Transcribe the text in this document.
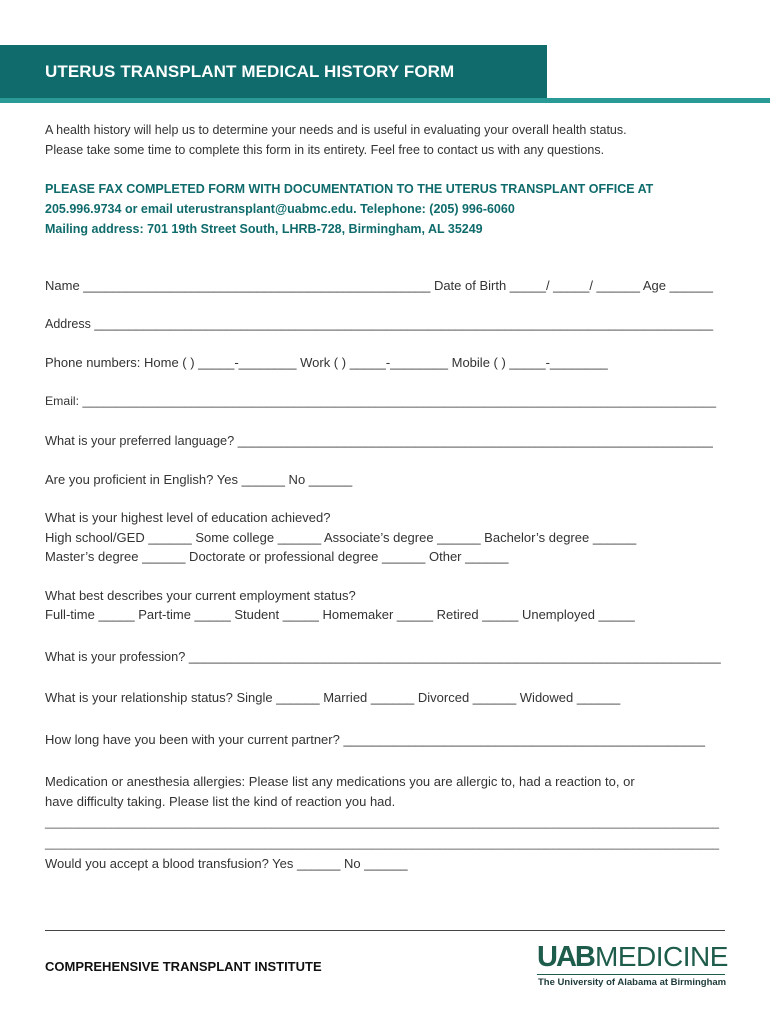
UTERUS TRANSPLANT MEDICAL HISTORY FORM
A health history will help us to determine your needs and is useful in evaluating your overall health status.
Please take some time to complete this form in its entirety. Feel free to contact us with any questions.
PLEASE FAX COMPLETED FORM WITH DOCUMENTATION TO THE UTERUS TRANSPLANT OFFICE AT
205.996.9734 or email uterustransplant@uabmc.edu. Telephone: (205) 996-6060
Mailing address: 701 19th Street South, LHRB-728, Birmingham, AL 35249
Name ________________________________________________ Date of Birth _____/ _____/ ______ Age ______
Address _________________________________________________________________________________________
Phone numbers: Home ( ) _____-________ Work ( ) _____-________ Mobile ( ) _____-________
Email: _____________________________________________________________________________________________
What is your preferred language? ___________________________________________________________________
Are you proficient in English? Yes ______ No ______
What is your highest level of education achieved?
High school/GED ______ Some college ______ Associate’s degree ______ Bachelor’s degree ______
Master’s degree ______ Doctorate or professional degree ______ Other ______
What best describes your current employment status?
Full-time _____ Part-time _____ Student _____ Homemaker _____ Retired _____ Unemployed _____
What is your profession? ___________________________________________________________________________
What is your relationship status? Single ______ Married ______ Divorced ______ Widowed ______
How long have you been with your current partner? __________________________________________________
Medication or anesthesia allergies: Please list any medications you are allergic to, had a reaction to, or
have difficulty taking. Please list the kind of reaction you had.
_____________________________________________________________________________________________________
_____________________________________________________________________________________________________
Would you accept a blood transfusion? Yes ______ No ______
COMPREHENSIVE TRANSPLANT INSTITUTE	UAB MEDICINE
The University of Alabama at Birmingham
